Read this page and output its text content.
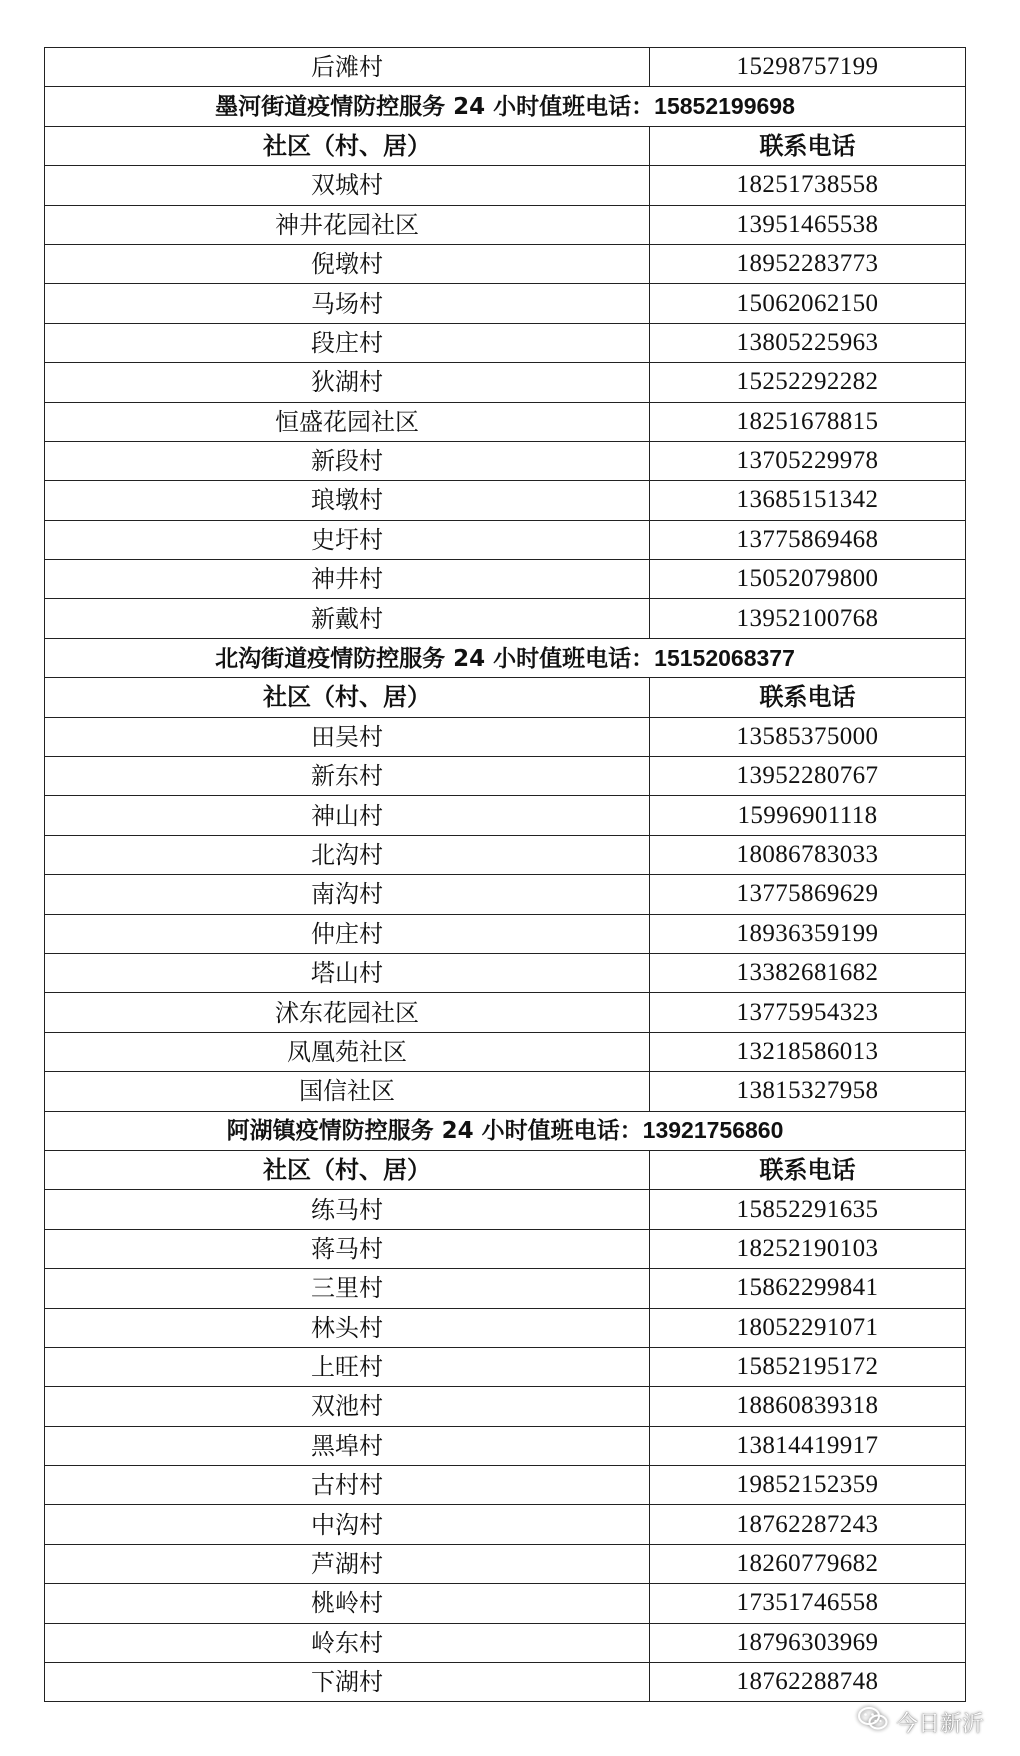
后滩村	15298757199
墨河街道疫情防控服务 24 小时值班电话：15852199698	
社区（村、居）	联系电话
双城村	18251738558
神井花园社区	13951465538
倪墩村	18952283773
马场村	15062062150
段庄村	13805225963
狄湖村	15252292282
恒盛花园社区	18251678815
新段村	13705229978
琅墩村	13685151342
史圩村	13775869468
神井村	15052079800
新戴村	13952100768
北沟街道疫情防控服务 24 小时值班电话：15152068377	
社区（村、居）	联系电话
田吴村	13585375000
新东村	13952280767
神山村	15996901118
北沟村	18086783033
南沟村	13775869629
仲庄村	18936359199
塔山村	13382681682
沭东花园社区	13775954323
凤凰苑社区	13218586013
国信社区	13815327958
阿湖镇疫情防控服务 24 小时值班电话：13921756860	
社区（村、居）	联系电话
练马村	15852291635
蒋马村	18252190103
三里村	15862299841
林头村	18052291071
上旺村	15852195172
双池村	18860839318
黑埠村	13814419917
古村村	19852152359
中沟村	18762287243
芦湖村	18260779682
桃岭村	17351746558
岭东村	18796303969
下湖村	18762288748
今日新沂
